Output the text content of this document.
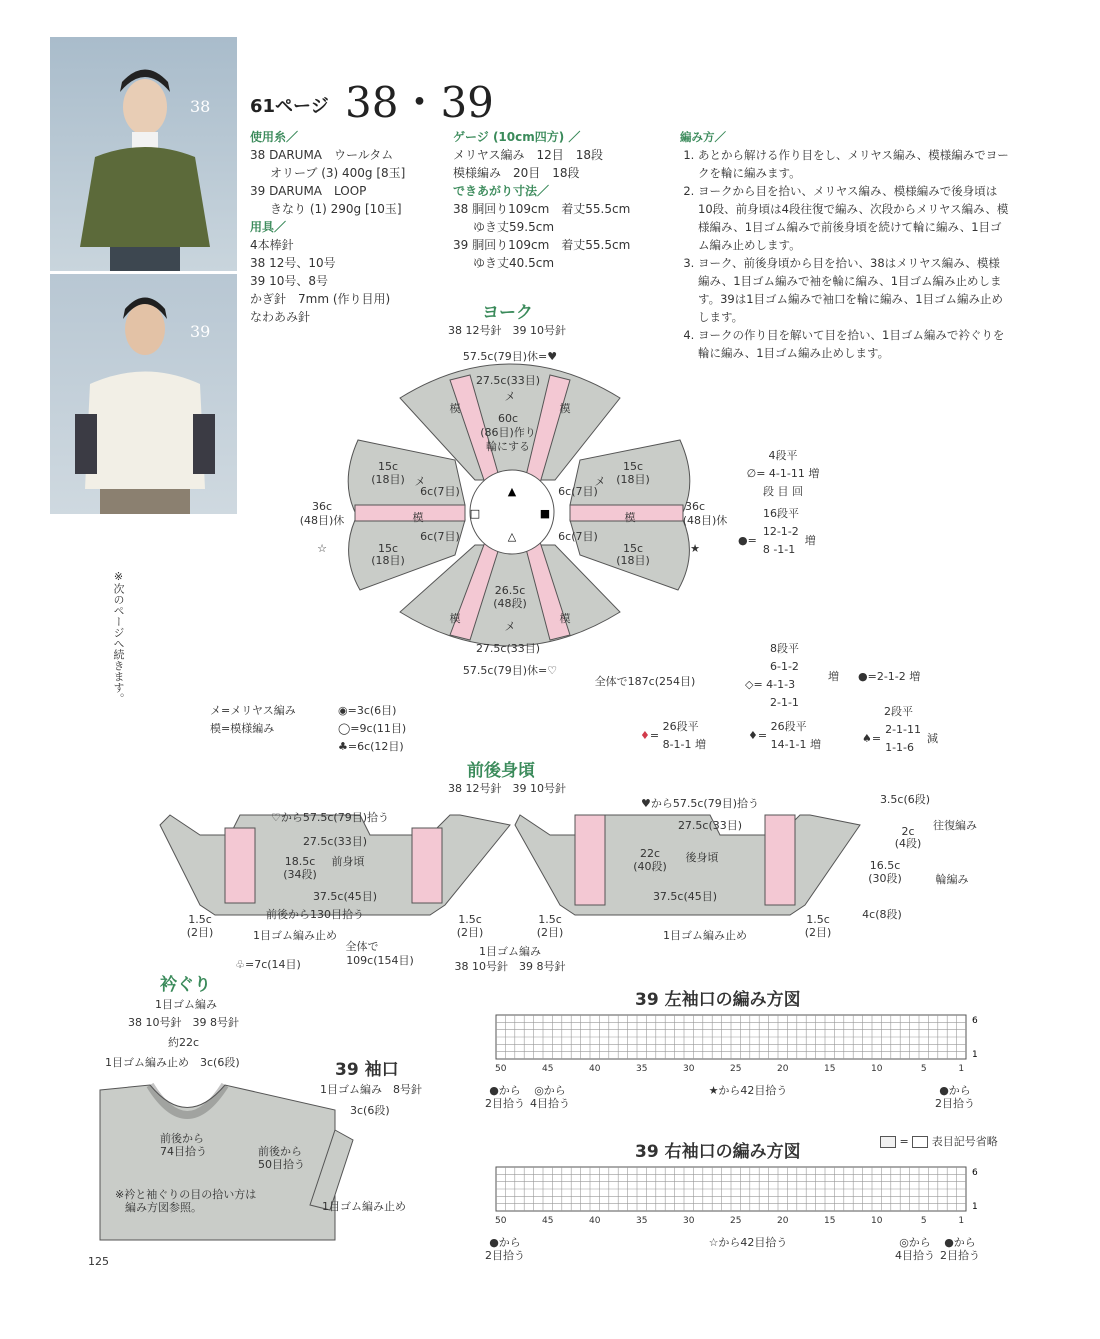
38
39
61ページ 38・39
使用糸／
38 DARUMA　ウールタム
オリーブ (3) 400g [8玉]
39 DARUMA　LOOP
きなり (1) 290g [10玉]
用具／
4本棒針
38 12号、10号
39 10号、8号
かぎ針　7mm (作り目用)
なわあみ針
ゲージ (10cm四方) ／
メリヤス編み　12目　18段
模様編み　20目　18段
できあがり寸法／
38 胴回り109cm　着丈55.5cm
ゆき丈59.5cm
39 胴回り109cm　着丈55.5cm
ゆき丈40.5cm
編み方／
1. あとから解ける作り目をし、メリヤス編み、模様編みでヨークを輪に編みます。
2. ヨークから目を拾い、メリヤス編み、模様編みで後身頃は10段、前身頃は4段往復で編み、次段からメリヤス編み、模様編み、1目ゴム編みで前後身頃を続けて輪に編み、1目ゴム編み止めします。
3. ヨーク、前後身頃から目を拾い、38はメリヤス編み、模様編み、1目ゴム編みで袖を輪に編み、1目ゴム編み止めします。39は1目ゴム編みで袖口を輪に編み、1目ゴム編み止めします。
4. ヨークの作り目を解いて目を拾い、1目ゴム編みで衿ぐりを輪に編み、1目ゴム編み止めします。
※次のページへ続きます。
ヨーク
38 12号針　39 10号針
▲
△
□	■
57.5c(79目)休=♥
27.5c(33目)
60c
(86目)作り
輪にする
15c
(18目)
15c
(18目)
15c
(18目)
15c
(18目)
6c(7目)
6c(7目)
6c(7目)
6c(7目)
36c
(48目)休
36c
(48目)休
☆	★
26.5c
(48段)
27.5c(33目)
57.5c(79目)休=♡
全体で187c(254目)
模	模
模	模
模	模
メ
メ
メ	メ
4段平
∅= 4-1-11 増
段 目 回
16段平
●=
12-1-2
8 -1-1
増
8段平
6-1-2
◇= 4-1-3
2-1-1
増 ●=2-1-2 増
♦=
26段平
8-1-1 増
♦=
26段平
14-1-1 増
2段平
♠=
2-1-11
1-1-6
減
メ=メリヤス編み
模=模様編み
◉=3c(6目)
◯=9c(11目)
♣=6c(12目)
前後身頃
38 12号針　39 10号針
♡から57.5c(79目)拾う
♥から57.5c(79目)拾う
27.5c(33目)
27.5c(33目)
18.5c
(34段)
前身頃
22c
(40段)
後身頃
37.5c(45目)	37.5c(45目)
前後から130目拾う
1目ゴム編み止め	1目ゴム編み止め
1.5c
(2目)
1.5c
(2目)
1.5c
(2目)
1.5c
(2目)
全体で
109c(154目)
1目ゴム編み
38 10号針　39 8号針
♧=7c(14目)
3.5c(6段)
2c
(4段)
16.5c
(30段)
4c(8段)
往復編み
輪編み
衿ぐり
1目ゴム編み
38 10号針　39 8号針
約22c
1目ゴム編み止め 3c(6段)
前後から
74目拾う
39 袖口
1目ゴム編み　8号針
3c(6段)
前後から
50目拾う
1目ゴム編み止め
※衿と袖ぐりの目の拾い方は
編み方図参照。
39 左袖口の編み方図
50	45	40	35	30	25	20	15	10	5	1
6
1
●から
2目拾う
◎から
4目拾う
★から42目拾う	●から
2目拾う
39 右袖口の編み方図
=  表目記号省略
50	45	40	35	30	25	20	15	10	5	1
6
1
●から
2目拾う
☆から42目拾う	◎から
4目拾う
●から
2目拾う
125
